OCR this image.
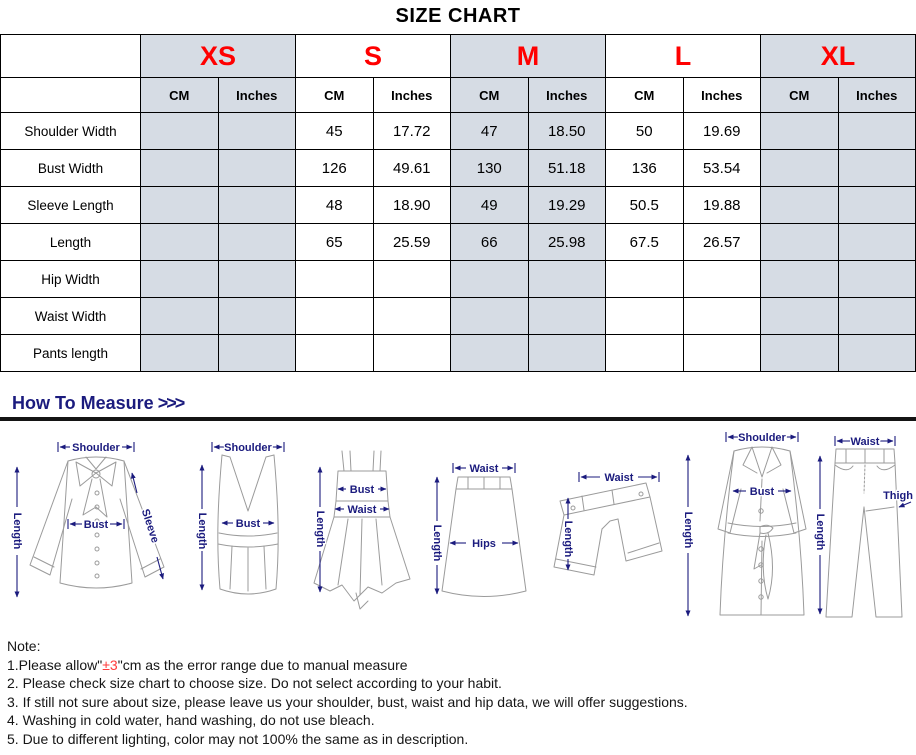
SIZE CHART
	XS		S		M		L		XL	
	CM	Inches	CM	Inches	CM	Inches	CM	Inches	CM	Inches
Shoulder Width			45	17.72	47	18.50	50	19.69		
Bust Width			126	49.61	130	51.18	136	53.54		
Sleeve Length			48	18.90	49	19.29	50.5	19.88		
Length			65	25.59	66	25.98	67.5	26.57		
Hip Width										
Waist Width										
Pants length										
How To Measure >>>
Shoulder
Bust	Sleeve
Length
Shoulder
Bust
Length
Bust
Waist
Length
Waist
Hips
Length
Waist
Length
Shoulder
Bust
Length
Waist
Thigh
Length
Note:
1.Please allow"±3"cm as the error range due to manual measure
2. Please check size chart to choose size. Do not select according to your habit.
3. If still not sure about size, please leave us your shoulder, bust, waist and hip data, we will offer suggestions.
4. Washing in cold water, hand washing, do not use bleach.
5. Due to different lighting, color may not 100% the same as in description.
